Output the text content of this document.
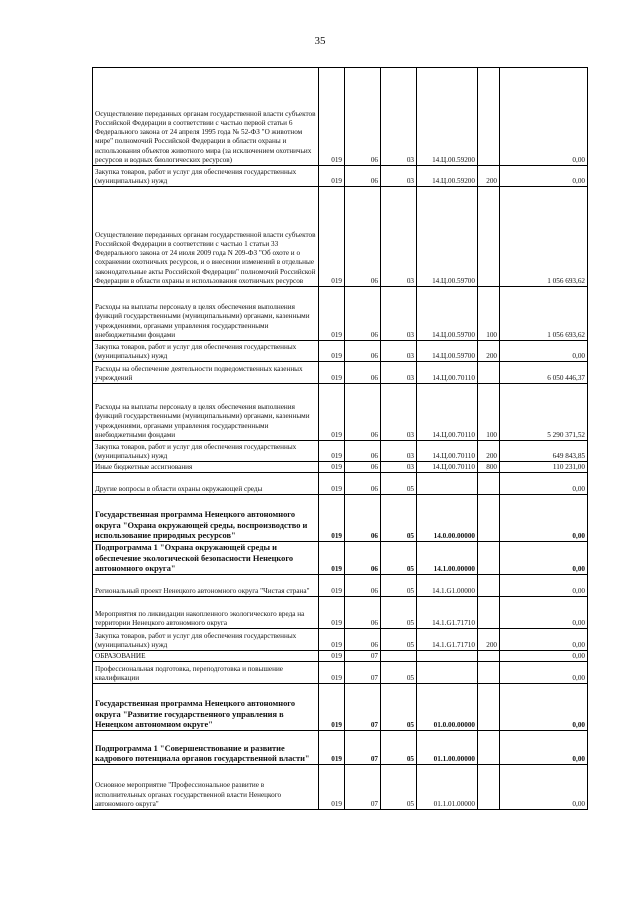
35
Осуществление переданных органам государственной власти субъектов Российской Федерации в соответствии с частью первой статьи 6 Федерального закона от 24 апреля 1995 года № 52-ФЗ "О животном мире" полномочий Российской Федерации в области охраны и использования объектов животного мира (за исключением охотничьих ресурсов и водных биологических ресурсов)	019	06	03	14.Ц.00.59200		0,00
Закупка товаров, работ и услуг для обеспечения государственных (муниципальных) нужд	019	06	03	14.Ц.00.59200	200	0,00
Осуществление переданных органам государственной власти субъектов Российской Федерации в соответствии с частью 1 статьи 33 Федерального закона от 24 июля 2009 года N 209-ФЗ "Об охоте и о сохранении охотничьих ресурсов, и о внесении изменений в отдельные законодательные акты Российской Федерации" полномочий Российской Федерации в области охраны и использования охотничьих ресурсов	019	06	03	14.Ц.00.59700		1 056 693,62
Расходы на выплаты персоналу в целях обеспечения выполнения функций государственными (муниципальными) органами, казенными учреждениями, органами управления государственными внебюджетными фондами	019	06	03	14.Ц.00.59700	100	1 056 693,62
Закупка товаров, работ и услуг для обеспечения государственных (муниципальных) нужд	019	06	03	14.Ц.00.59700	200	0,00
Расходы на обеспечение деятельности подведомственных казенных учреждений	019	06	03	14.Ц.00.70110		6 050 446,37
Расходы на выплаты персоналу в целях обеспечения выполнения функций государственными (муниципальными) органами, казенными учреждениями, органами управления государственными внебюджетными фондами	019	06	03	14.Ц.00.70110	100	5 290 371,52
Закупка товаров, работ и услуг для обеспечения государственных (муниципальных) нужд	019	06	03	14.Ц.00.70110	200	649 843,85
Иные бюджетные ассигнования	019	06	03	14.Ц.00.70110	800	110 231,00
Другие вопросы в области охраны окружающей среды	019	06	05			0,00
Государственная программа Ненецкого автономного округа "Охрана окружающей среды, воспроизводство и использование природных ресурсов"	019	06	05	14.0.00.00000		0,00
Подпрограмма 1 "Охрана окружающей среды и обеспечение экологической безопасности Ненецкого автономного округа"	019	06	05	14.1.00.00000		0,00
Региональный проект Ненецкого автономного округа "Чистая страна"	019	06	05	14.1.G1.00000		0,00
Мероприятия по ликвидации накопленного экологического вреда на территории Ненецкого автономного округа	019	06	05	14.1.G1.71710		0,00
Закупка товаров, работ и услуг для обеспечения государственных (муниципальных) нужд	019	06	05	14.1.G1.71710	200	0,00
ОБРАЗОВАНИЕ	019	07				0,00
Профессиональная подготовка, переподготовка и повышение квалификации	019	07	05			0,00
Государственная программа Ненецкого автономного округа "Развитие государственного управления в Ненецком автономном округе"	019	07	05	01.0.00.00000		0,00
Подпрограмма 1 "Совершенствование и развитие кадрового потенциала органов государственной власти"	019	07	05	01.1.00.00000		0,00
Основное мероприятие "Профессиональное развитие в исполнительных органах государственной власти Ненецкого автономного округа"	019	07	05	01.1.01.00000		0,00
